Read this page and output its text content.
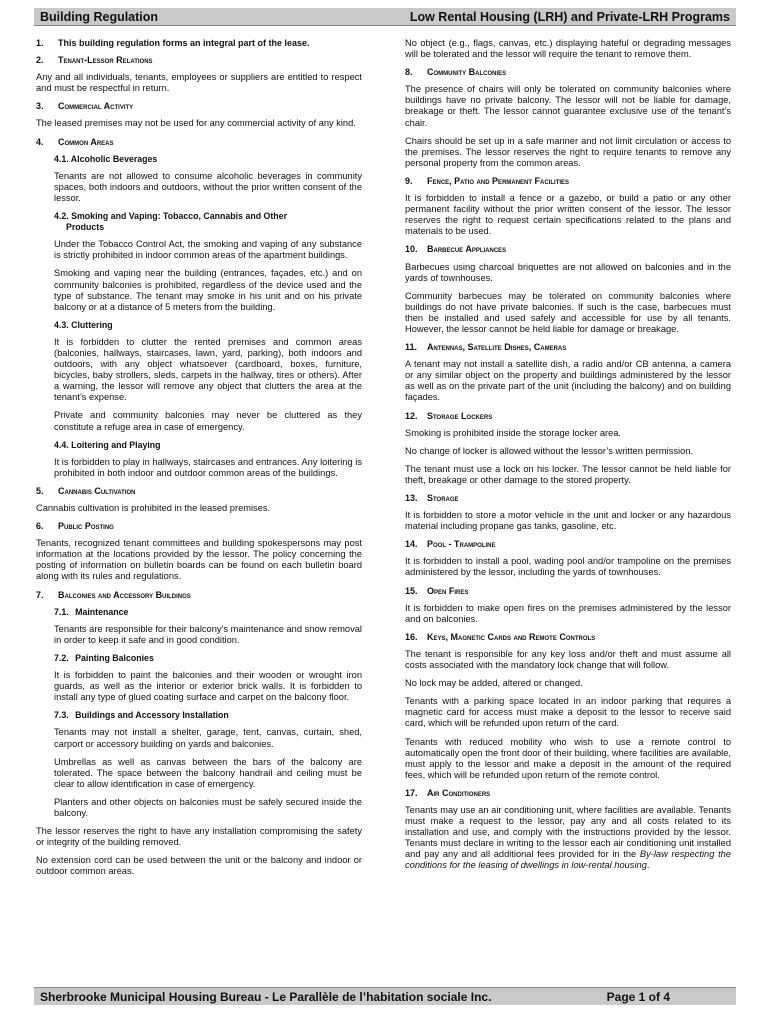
Building Regulation	Low Rental Housing (LRH) and Private-LRH Programs
1.	This building regulation forms an integral part of the lease.
2.	Tenant-Lessor Relations
Any and all individuals, tenants, employees or suppliers are entitled to respect and must be respectful in return.
3.	Commercial Activity
The leased premises may not be used for any commercial activity of any kind.
4.	Common Areas
4.1. Alcoholic Beverages
Tenants are not allowed to consume alcoholic beverages in community spaces, both indoors and outdoors, without the prior written consent of the lessor.
4.2. Smoking and Vaping: Tobacco, Cannabis and Other
Products
Under the Tobacco Control Act, the smoking and vaping of any substance is strictly prohibited in indoor common areas of the apartment buildings.
Smoking and vaping near the building (entrances, façades, etc.) and on community balconies is prohibited, regardless of the device used and the type of substance. The tenant may smoke in his unit and on his private balcony or at a distance of 5 meters from the building.
4.3. Cluttering
It is forbidden to clutter the rented premises and common areas (balconies, hallways, staircases, lawn, yard, parking), both indoors and outdoors, with any object whatsoever (cardboard, boxes, furniture, bicycles, baby strollers, sleds, carpets in the hallway, tires or others). After a warning, the lessor will remove any object that clutters the area at the tenant’s expense.
Private and community balconies may never be cluttered as they constitute a refuge area in case of emergency.
4.4. Loitering and Playing
It is forbidden to play in hallways, staircases and entrances. Any loitering is prohibited in both indoor and outdoor common areas of the buildings.
5.	Cannabis Cultivation
Cannabis cultivation is prohibited in the leased premises.
6.	Public Posting
Tenants, recognized tenant committees and building spokespersons may post information at the locations provided by the lessor. The policy concerning the posting of information on bulletin boards can be found on each bulletin board along with its rules and regulations.
7.	Balconies and Accessory Buildings
7.1. Maintenance
Tenants are responsible for their balcony’s maintenance and snow removal in order to keep it safe and in good condition.
7.2. Painting Balconies
It is forbidden to paint the balconies and their wooden or wrought iron guards, as well as the interior or exterior brick walls. It is forbidden to install any type of glued coating surface and carpet on the balcony floor.
7.3. Buildings and Accessory Installation
Tenants may not install a shelter, garage, tent, canvas, curtain, shed, carport or accessory building on yards and balconies.
Umbrellas as well as canvas between the bars of the balcony are tolerated. The space between the balcony handrail and ceiling must be clear to allow identification in case of emergency.
Planters and other objects on balconies must be safely secured inside the balcony.
The lessor reserves the right to have any installation compromising the safety or integrity of the building removed.
No extension cord can be used between the unit or the balcony and indoor or outdoor common areas.
No object (e.g., flags, canvas, etc.) displaying hateful or degrading messages will be tolerated and the lessor will require the tenant to remove them.
8.	Community Balconies
The presence of chairs will only be tolerated on community balconies where buildings have no private balcony. The lessor will not be liable for damage, breakage or theft. The lessor cannot guarantee exclusive use of the tenant’s chair.
Chairs should be set up in a safe manner and not limit circulation or access to the premises. The lessor reserves the right to require tenants to remove any personal property from the common areas.
9.	Fence, Patio and Permanent Facilities
It is forbidden to install a fence or a gazebo, or build a patio or any other permanent facility without the prior written consent of the lessor. The lessor reserves the right to request certain specifications related to the plans and materials to be used.
10.	Barbecue Appliances
Barbecues using charcoal briquettes are not allowed on balconies and in the yards of townhouses.
Community barbecues may be tolerated on community balconies where buildings do not have private balconies. If such is the case, barbecues must then be installed and used safely and accessible for use by all tenants. However, the lessor cannot be held liable for damage or breakage.
11.	Antennas, Satellite Dishes, Cameras
A tenant may not install a satellite dish, a radio and/or CB antenna, a camera or any similar object on the property and buildings administered by the lessor as well as on the private part of the unit (including the balcony) and on building façades.
12.	Storage Lockers
Smoking is prohibited inside the storage locker area.
No change of locker is allowed without the lessor’s written permission.
The tenant must use a lock on his locker. The lessor cannot be held liable for theft, breakage or other damage to the stored property.
13.	Storage
It is forbidden to store a motor vehicle in the unit and locker or any hazardous material including propane gas tanks, gasoline, etc.
14.	Pool - Trampoline
It is forbidden to install a pool, wading pool and/or trampoline on the premises administered by the lessor, including the yards of townhouses.
15.	Open Fires
It is forbidden to make open fires on the premises administered by the lessor and on balconies.
16.	Keys, Magnetic Cards and Remote Controls
The tenant is responsible for any key loss and/or theft and must assume all costs associated with the mandatory lock change that will follow.
No lock may be added, altered or changed.
Tenants with a parking space located in an indoor parking that requires a magnetic card for access must make a deposit to the lessor to receive said card, which will be refunded upon return of the card.
Tenants with reduced mobility who wish to use a remote control to automatically open the front door of their building, where facilities are available, must apply to the lessor and make a deposit in the amount of the required fees, which will be refunded upon return of the remote control.
17.	Air Conditioners
Tenants may use an air conditioning unit, where facilities are available. Tenants must make a request to the lessor, pay any and all costs related to its installation and use, and comply with the instructions provided by the lessor. Tenants must declare in writing to the lessor each air conditioning unit installed and pay any and all additional fees provided for in the By-law respecting the conditions for the leasing of dwellings in low-rental housing.
Sherbrooke Municipal Housing Bureau - Le Parallèle de l’habitation sociale Inc.	Page 1 of 4
